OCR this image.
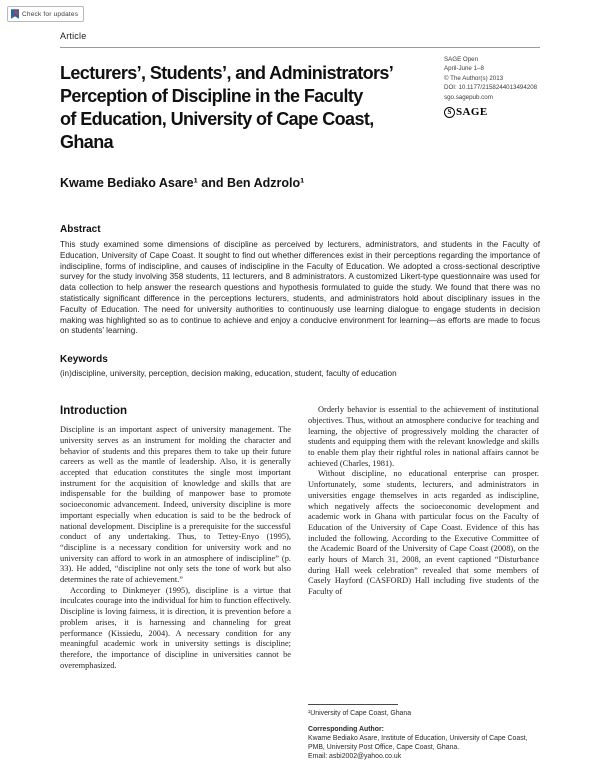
Check for updates
SAGE Open
April-June 1–8
© The Author(s) 2013
DOI: 10.1177/2158244013494208
sgo.sagepub.com
S SAGE
Article
Lecturers’, Students’, and Administrators’
Perception of Discipline in the Faculty
of Education, University of Cape Coast,
Ghana
Kwame Bediako Asare¹ and Ben Adzrolo¹
Abstract

This study examined some dimensions of discipline as perceived by lecturers, administrators, and students in the Faculty of Education, University of Cape Coast. It sought to find out whether differences exist in their perceptions regarding the importance of indiscipline, forms of indiscipline, and causes of indiscipline in the Faculty of Education. We adopted a cross-sectional descriptive survey for the study involving 358 students, 11 lecturers, and 8 administrators. A customized Likert-type questionnaire was used for data collection to help answer the research questions and hypothesis formulated to guide the study. We found that there was no statistically significant difference in the perceptions lecturers, students, and administrators hold about disciplinary issues in the Faculty of Education. The need for university authorities to continuously use learning dialogue to engage students in decision making was highlighted so as to continue to achieve and enjoy a conducive environment for learning—as efforts are made to focus on students’ learning.

Keywords

(in)discipline, university, perception, decision making, education, student, faculty of education

Introduction

Discipline is an important aspect of university management. The university serves as an instrument for molding the character and behavior of students and this prepares them to take up their future careers as well as the mantle of leadership. Also, it is generally accepted that education constitutes the single most important instrument for the acquisition of knowledge and skills that are indispensable for the building of manpower base to promote socioeconomic advancement. Indeed, university discipline is more important especially when education is said to be the bedrock of national development. Discipline is a prerequisite for the successful conduct of any undertaking. Thus, to Tettey-Enyo (1995), “discipline is a necessary condition for university work and no university can afford to work in an atmosphere of indiscipline” (p. 33). He added, “discipline not only sets the tone of work but also determines the rate of achievement.”

According to Dinkmeyer (1995), discipline is a virtue that inculcates courage into the individual for him to function effectively. Discipline is loving fairness, it is direction, it is prevention before a problem arises, it is harnessing and channeling for great performance (Kissiedu, 2004). A necessary condition for any meaningful academic work in university settings is discipline; therefore, the importance of discipline in universities cannot be overemphasized.

Orderly behavior is essential to the achievement of institutional objectives. Thus, without an atmosphere conducive for teaching and learning, the objective of progressively molding the character of students and equipping them with the relevant knowledge and skills to enable them play their rightful roles in national affairs cannot be achieved (Charles, 1981).

Without discipline, no educational enterprise can prosper. Unfortunately, some students, lecturers, and administrators in universities engage themselves in acts regarded as indiscipline, which negatively affects the socioeconomic development and academic work in Ghana with particular focus on the Faculty of Education of the University of Cape Coast. Evidence of this has included the following. According to the Executive Committee of the Academic Board of the University of Cape Coast (2008), on the early hours of March 31, 2008, an event captioned “Disturbance during Hall week celebration” revealed that some members of Casely Hayford (CASFORD) Hall including five students of the Faculty of

¹University of Cape Coast, Ghana

Corresponding Author:

Kwame Bediako Asare, Institute of Education, University of Cape Coast, PMB, University Post Office, Cape Coast, Ghana.

Email: asbi2002@yahoo.co.uk
